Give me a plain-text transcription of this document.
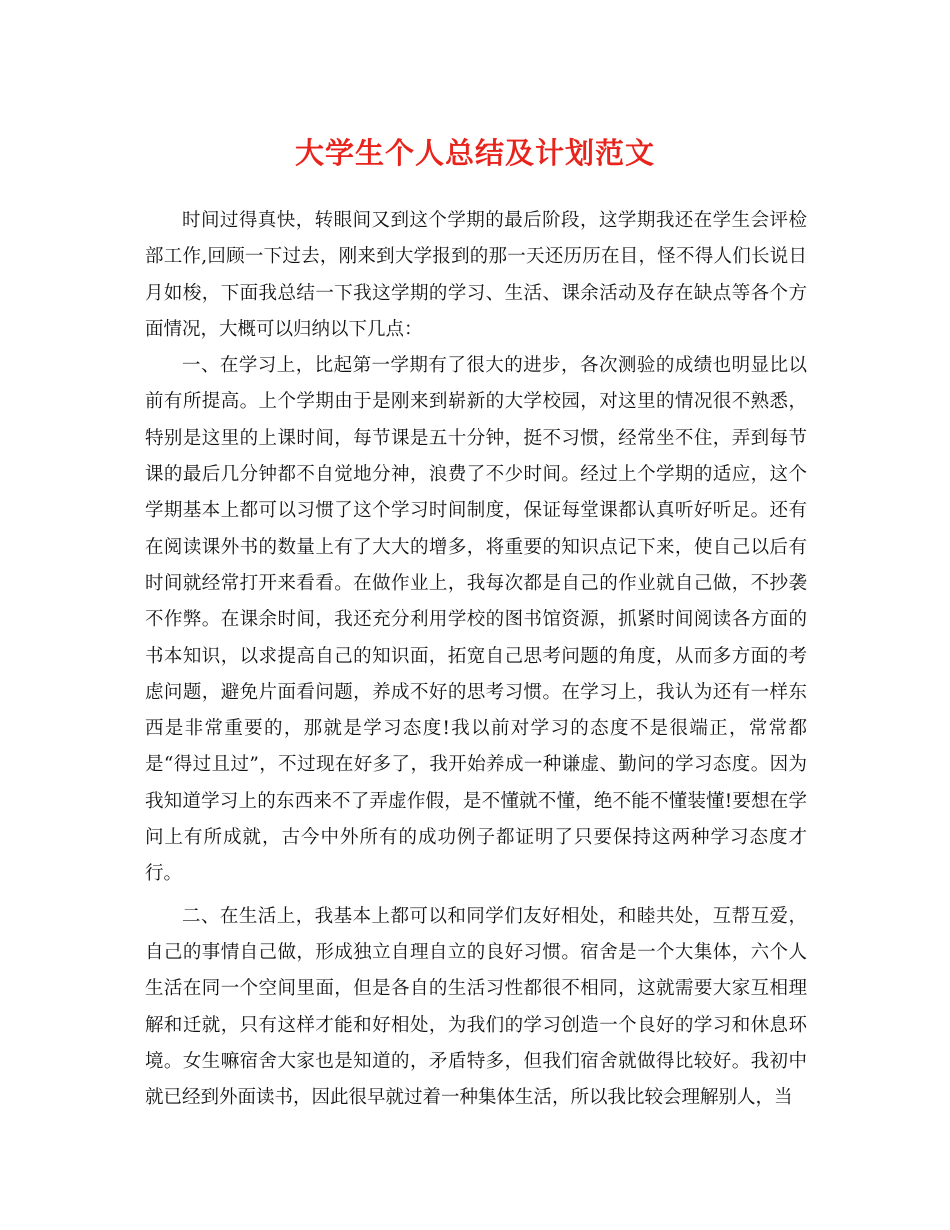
大学生个人总结及计划范文

时间过得真快，转眼间又到这个学期的最后阶段，这学期我还在学生会评检部工作,回顾一下过去，刚来到大学报到的那一天还历历在目，怪不得人们长说日月如梭，下面我总结一下我这学期的学习、生活、课余活动及存在缺点等各个方面情况，大概可以归纳以下几点：

一、在学习上，比起第一学期有了很大的进步，各次测验的成绩也明显比以前有所提高。上个学期由于是刚来到崭新的大学校园，对这里的情况很不熟悉，特别是这里的上课时间，每节课是五十分钟，挺不习惯，经常坐不住，弄到每节课的最后几分钟都不自觉地分神，浪费了不少时间。经过上个学期的适应，这个学期基本上都可以习惯了这个学习时间制度，保证每堂课都认真听好听足。还有在阅读课外书的数量上有了大大的增多，将重要的知识点记下来，使自己以后有时间就经常打开来看看。在做作业上，我每次都是自己的作业就自己做，不抄袭不作弊。在课余时间，我还充分利用学校的图书馆资源，抓紧时间阅读各方面的书本知识，以求提高自己的知识面，拓宽自己思考问题的角度，从而多方面的考虑问题，避免片面看问题，养成不好的思考习惯。在学习上，我认为还有一样东西是非常重要的，那就是学习态度!我以前对学习的态度不是很端正，常常都是“得过且过”，不过现在好多了，我开始养成一种谦虚、勤问的学习态度。因为我知道学习上的东西来不了弄虚作假，是不懂就不懂，绝不能不懂装懂!要想在学问上有所成就，古今中外所有的成功例子都证明了只要保持这两种学习态度才行。

二、在生活上，我基本上都可以和同学们友好相处，和睦共处，互帮互爱，自己的事情自己做，形成独立自理自立的良好习惯。宿舍是一个大集体，六个人生活在同一个空间里面，但是各自的生活习性都很不相同，这就需要大家互相理解和迁就，只有这样才能和好相处，为我们的学习创造一个良好的学习和休息环境。女生嘛宿舍大家也是知道的，矛盾特多，但我们宿舍就做得比较好。我初中就已经到外面读书，因此很早就过着一种集体生活，所以我比较会理解别人，当
